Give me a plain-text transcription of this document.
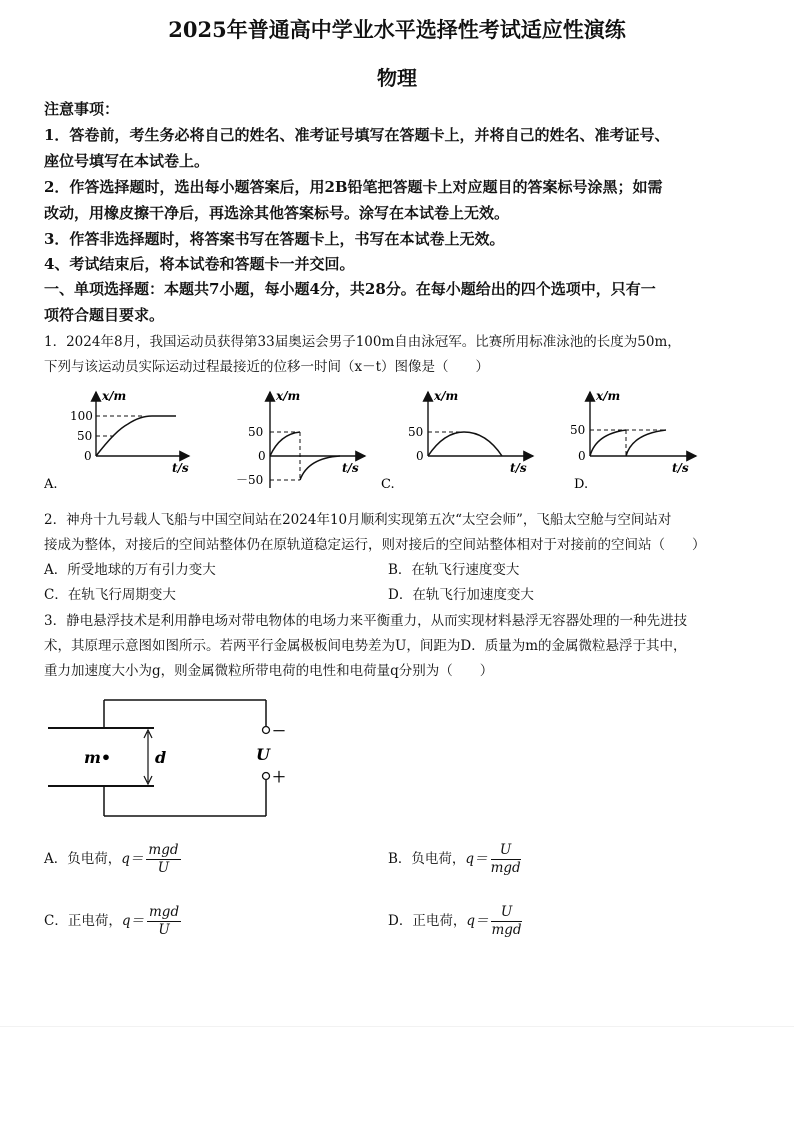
2025年普通高中学业水平选择性考试适应性演练
物理
注意事项：
1．答卷前，考生务必将自己的姓名、准考证号填写在答题卡上，并将自己的姓名、准考证号、
座位号填写在本试卷上。
2．作答选择题时，选出每小题答案后，用2B铅笔把答题卡上对应题目的答案标号涂黑；如需
改动，用橡皮擦干净后，再选涂其他答案标号。涂写在本试卷上无效。
3．作答非选择题时，将答案书写在答题卡上，书写在本试卷上无效。
4、考试结束后，将本试卷和答题卡一并交回。
一、单项选择题：本题共7小题，每小题4分，共28分。在每小题给出的四个选项中，只有一
项符合题目要求。
1．2024年8月，我国运动员获得第33届奥运会男子100m自由泳冠军。比赛所用标准泳池的长度为50m，
下列与该运动员实际运动过程最接近的位移一时间（x－t）图像是（　　）
x/m
t/s
100
50
0
A.
x/m
t/s
50
0
－50
x/m
t/s
50
0
C.
x/m
t/s
50
0
D.
2．神舟十九号载人飞船与中国空间站在2024年10月顺利实现第五次“太空会师”，飞船太空舱与空间站对
接成为整体，对接后的空间站整体仍在原轨道稳定运行，则对接后的空间站整体相对于对接前的空间站（　　）
A．所受地球的万有引力变大	B．在轨飞行速度变大
C．在轨飞行周期变大	D．在轨飞行加速度变大
3．静电悬浮技术是利用静电场对带电物体的电场力来平衡重力，从而实现材料悬浮无容器处理的一种先进技
术，其原理示意图如图所示。若两平行金属极板间电势差为U，间距为D．质量为m的金属微粒悬浮于其中，
重力加速度大小为g，则金属微粒所带电荷的电性和电荷量q分别为（　　）
m•	d	U
－
＋
A．负电荷，$q= \frac{\text{mgd}}{U}$	B．负电荷，$q= \frac{U}{\text{mgd}}$
C．正电荷，$q= \frac{\text{mgd}}{U}$	D．正电荷，$q= \frac{U}{\text{mgd}}$
